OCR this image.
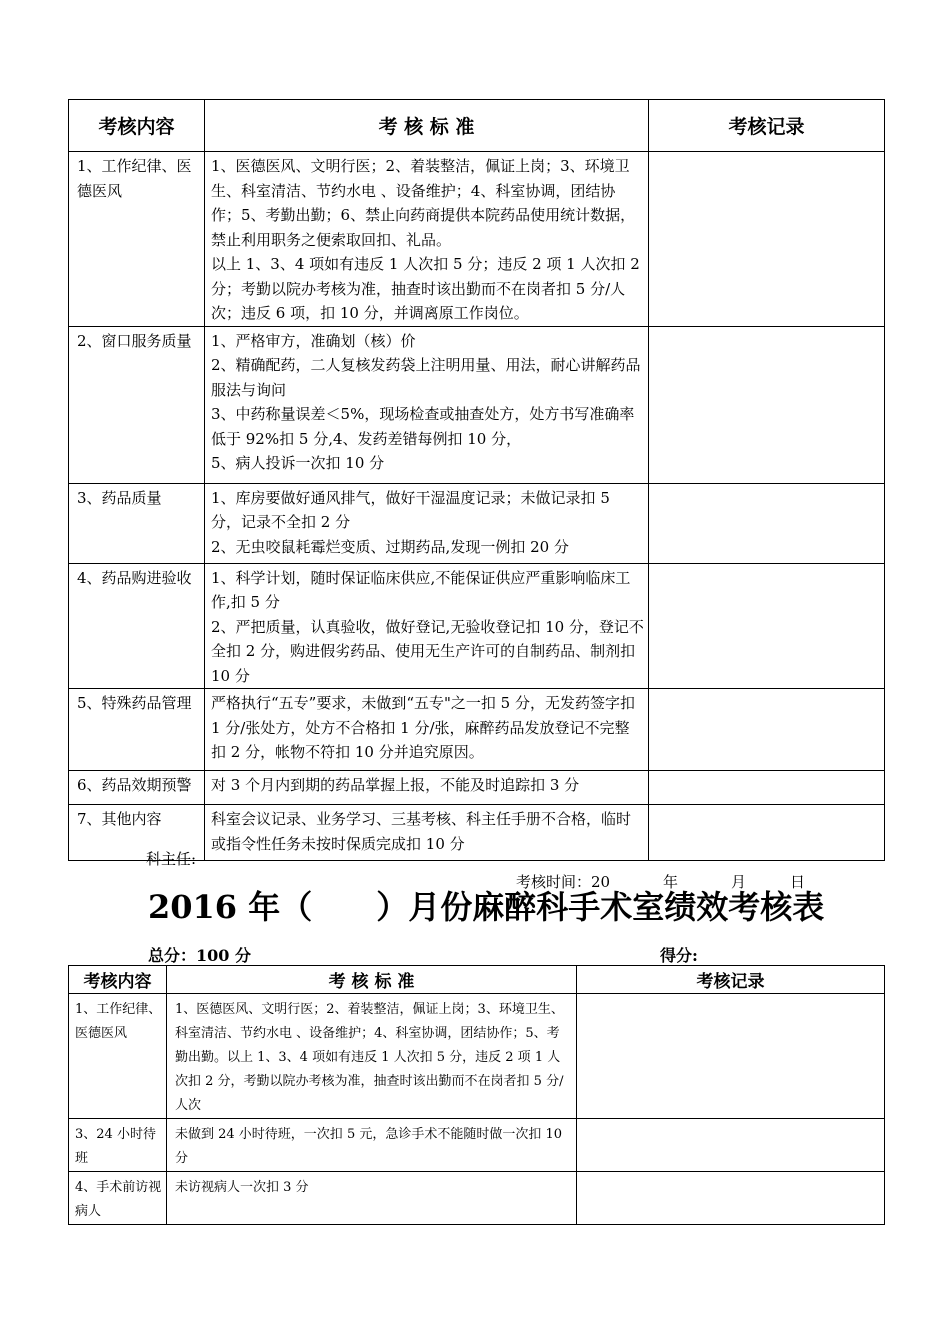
考核内容	考 核 标 准	考核记录
1、工作纪律、医德医风	1、医德医风、文明行医；2、着装整洁，佩证上岗；3、环境卫生、科室清洁、节约水电 、设备维护；4、科室协调，团结协作；5、考勤出勤；6、禁止向药商提供本院药品使用统计数据，禁止利用职务之便索取回扣、礼品。
以上 1、3、4 项如有违反 1 人次扣 5 分；违反 2 项 1 人次扣 2 分；考勤以院办考核为准，抽查时该出勤而不在岗者扣 5 分/人次；违反 6 项，扣 10 分，并调离原工作岗位。	

2、窗口服务质量	1、严格审方，准确划（核）价
2、精确配药，二人复核发药袋上注明用量、用法，耐心讲解药品服法与询问
3、中药称量误差＜5%，现场检查或抽查处方，处方书写准确率低于 92%扣 5 分,4、发药差错每例扣 10 分，
5、病人投诉一次扣 10 分	

3、药品质量	1、库房要做好通风排气，做好干湿温度记录；未做记录扣 5 分，记录不全扣 2 分
2、无虫咬鼠耗霉烂变质、过期药品,发现一例扣 20 分	

4、药品购进验收	1、科学计划，随时保证临床供应,不能保证供应严重影响临床工作,扣 5 分
2、严把质量，认真验收，做好登记,无验收登记扣 10 分，登记不全扣 2 分，购进假劣药品、使用无生产许可的自制药品、制剂扣 10 分	

5、特殊药品管理	严格执行“五专”要求，未做到“五专"之一扣 5 分，无发药签字扣 1 分/张处方，处方不合格扣 1 分/张，麻醉药品发放登记不完整扣 2 分，帐物不符扣 10 分并追究原因。	

6、药品效期预警	对 3 个月内到期的药品掌握上报，不能及时追踪扣 3 分	

7、其他内容	科室会议记录、业务学习、三基考核、科主任手册不合格，临时或指令性任务未按时保质完成扣 10 分	

科主任:
考核时间：20	年	月	日
2016 年（　　）月份麻醉科手术室绩效考核表
总分：100 分	得分:
考核内容	考 核 标 准	考核记录
1、工作纪律、医德医风	1、医德医风、文明行医；2、着装整洁，佩证上岗；3、环境卫生、科室清洁、节约水电 、设备维护；4、科室协调，团结协作；5、考勤出勤。以上 1、3、4 项如有违反 1 人次扣 5 分，违反 2 项 1 人次扣 2 分，考勤以院办考核为准，抽查时该出勤而不在岗者扣 5 分/人次	

3、24 小时待班	未做到 24 小时待班，一次扣 5 元，急诊手术不能随时做一次扣 10 分	

4、手术前访视病人	未访视病人一次扣 3 分	
